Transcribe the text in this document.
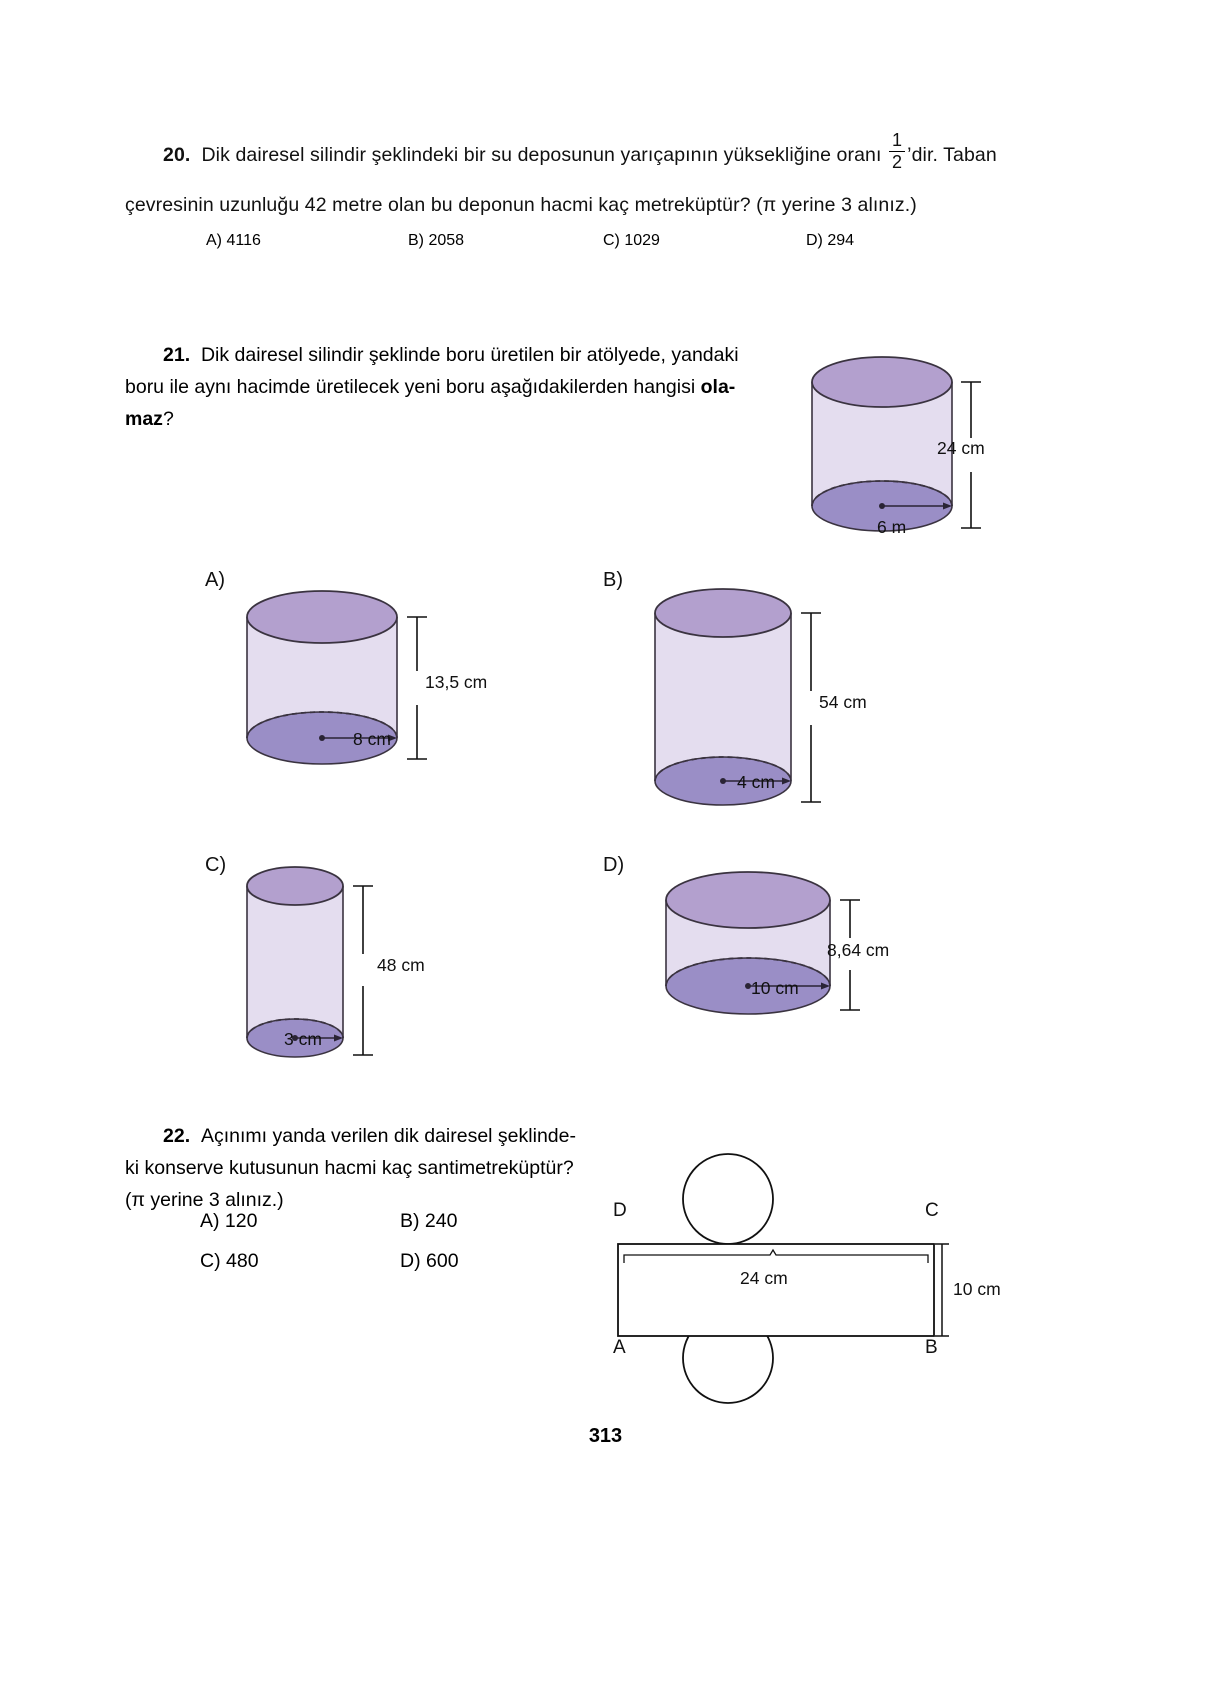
20. Dik dairesel silindir şeklindeki bir su deposunun yarıçapının yüksekliğine oranı $\frac{1}{2}$ ’dir. Taban
çevresinin uzunluğu 42 metre olan bu deponun hacmi kaç metreküptür? (π yerine 3 alınız.)
A) 4116	B) 2058	C) 1029	D) 294

21. Dik dairesel silindir şeklinde boru üretilen bir atölyede, yandaki

boru ile aynı hacimde üretilecek yeni boru aşağıdakilerden hangisi ola-

maz?

24 cm
6 m
A)
13,5 cm
8 cm
B)
54 cm
4 cm
C)
48 cm
3 cm
D)
8,64 cm
10 cm

22. Açınımı yanda verilen dik dairesel şeklinde-

ki konserve kutusunun hacmi kaç santimetreküptür?

(π yerine 3 alınız.)

A) 120	B) 240
C) 480	D) 600
D	C
A	B
24 cm
10 cm
313
